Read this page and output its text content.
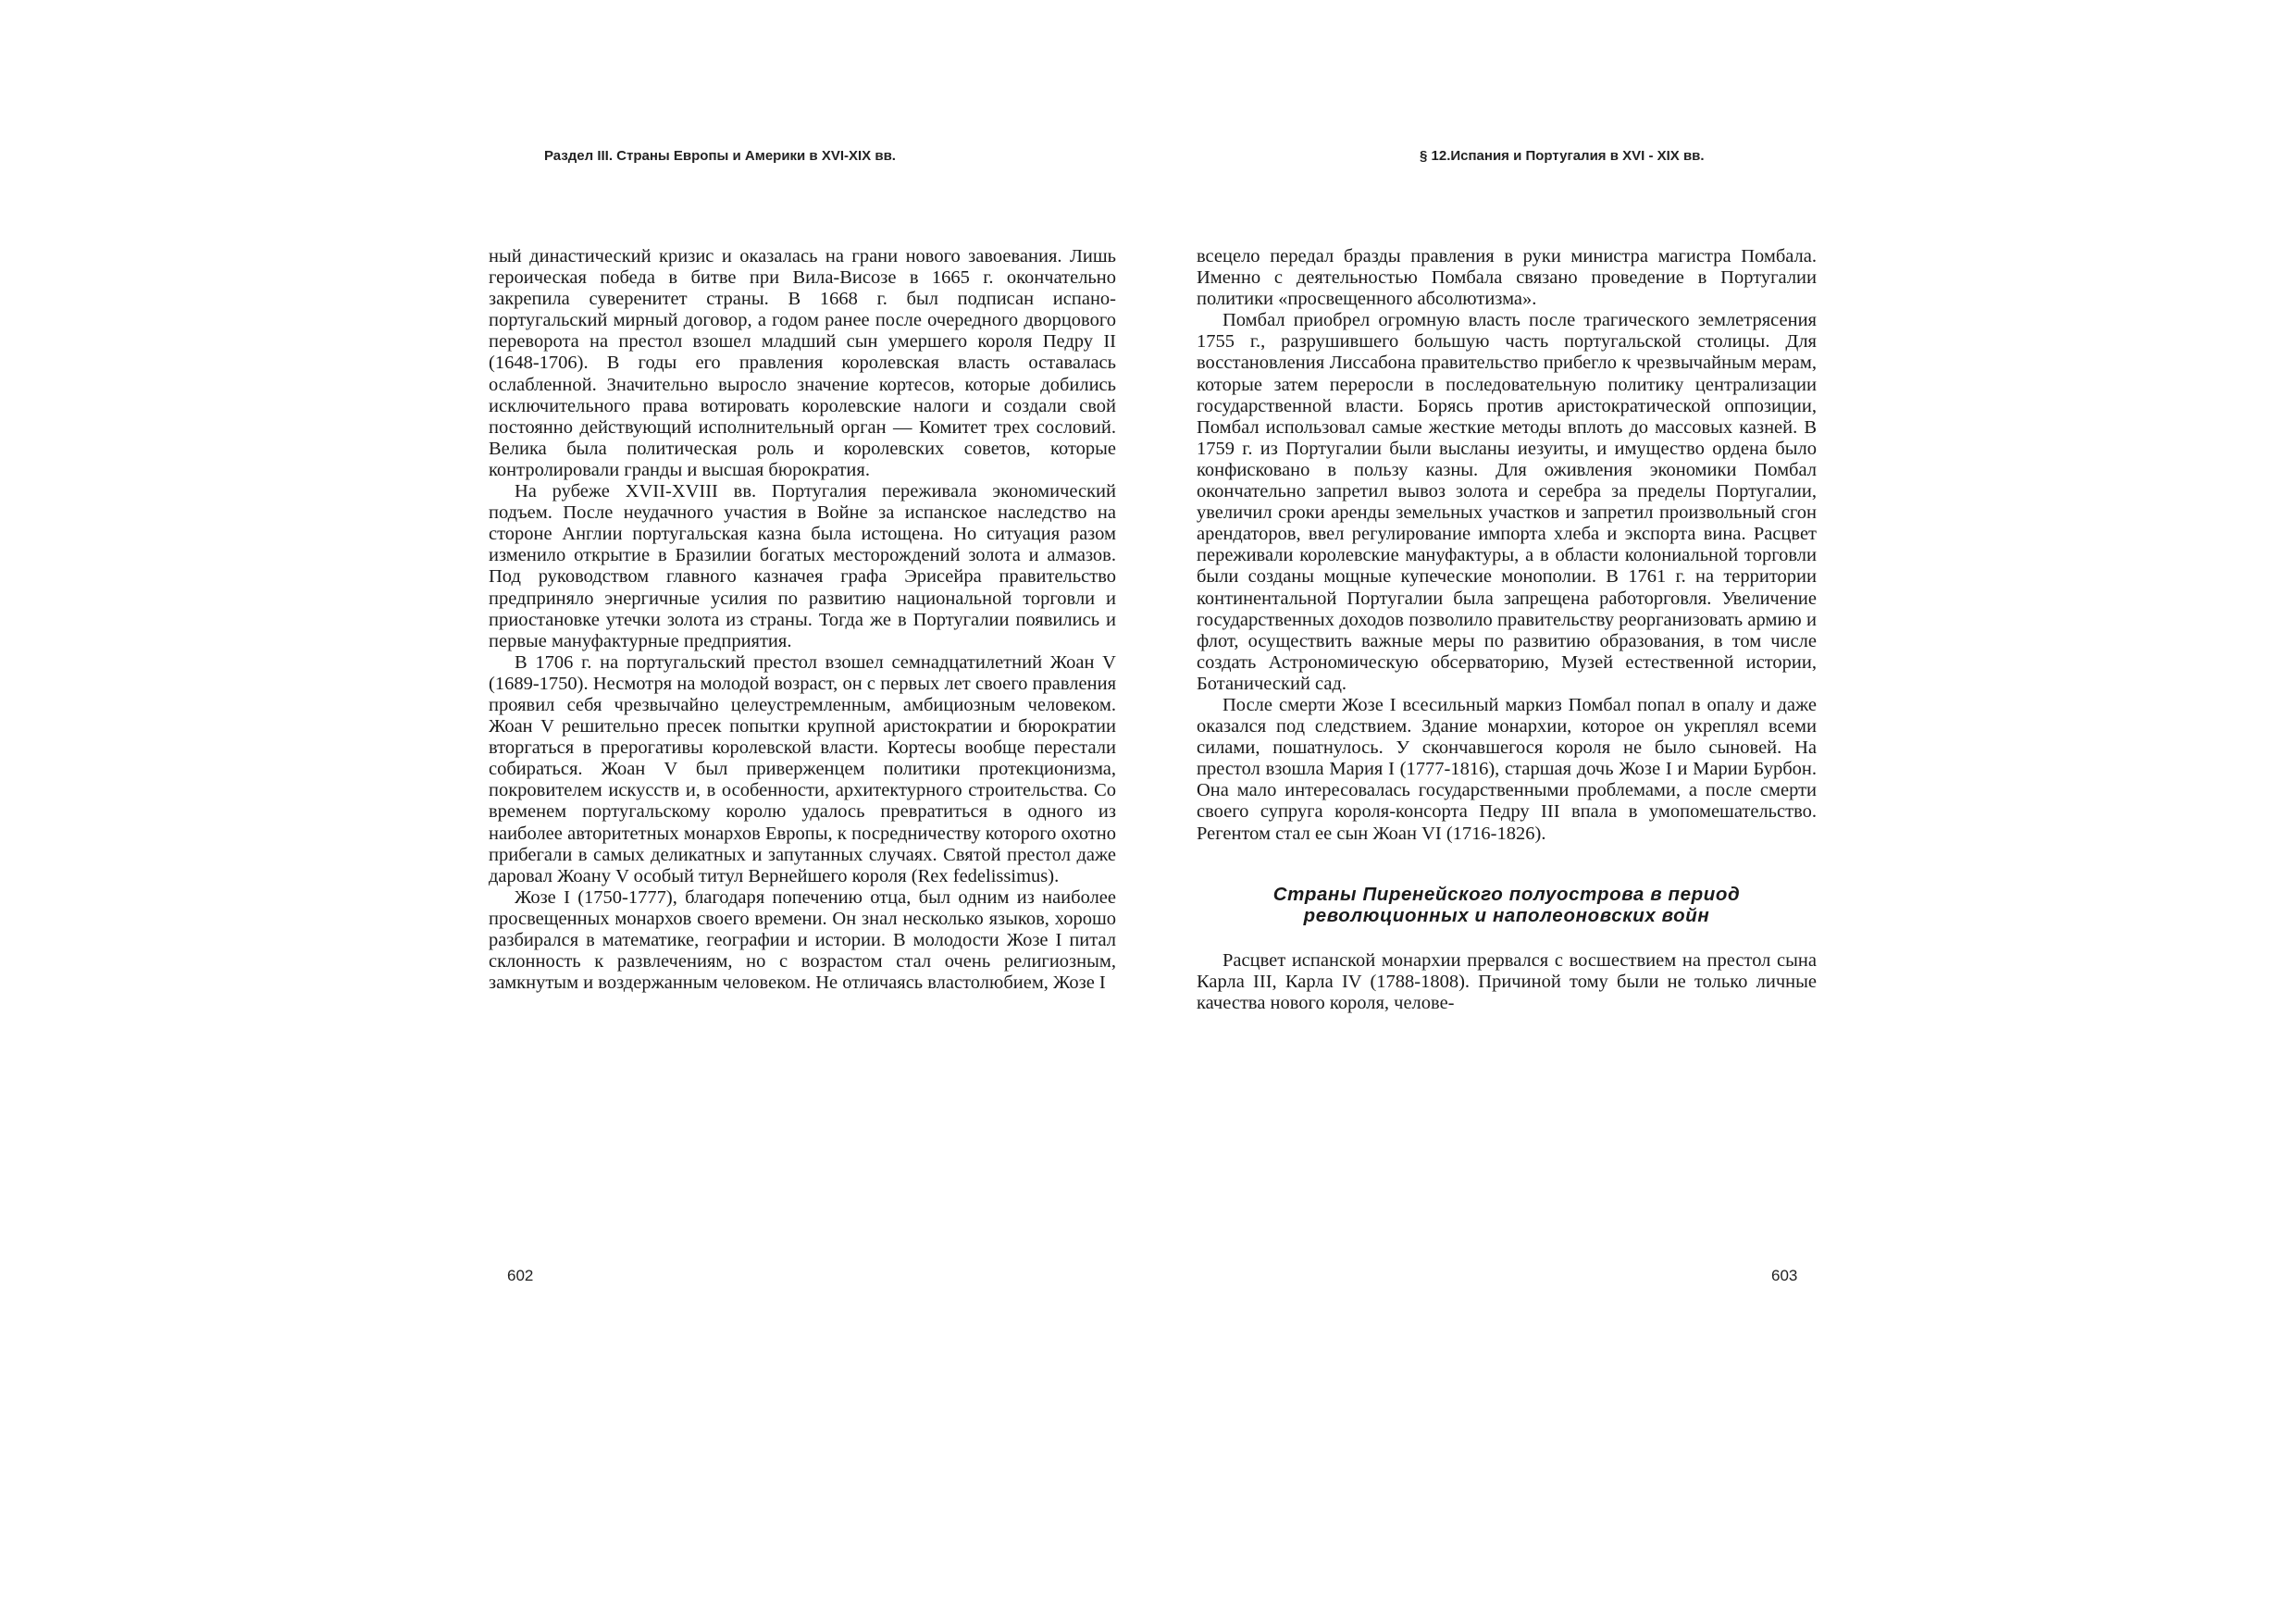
Раздел III. Страны Европы и Америки в XVI-XIX вв.

ный династический кризис и оказалась на грани нового завоевания. Лишь героическая победа в битве при Вила-Висозе в 1665 г. окончательно закрепила суверенитет страны. В 1668 г. был подписан испано-португальский мирный договор, а годом ранее после очередного дворцового переворота на престол взошел младший сын умершего короля Педру II (1648-1706). В годы его правления королевская власть оставалась ослабленной. Значительно выросло значение кортесов, которые добились исключительного права вотировать королевские налоги и создали свой постоянно действующий исполнительный орган — Комитет трех сословий. Велика была политическая роль и королевских советов, которые контролировали гранды и высшая бюрократия.

На рубеже XVII-XVIII вв. Португалия переживала экономический подъем. После неудачного участия в Войне за испанское наследство на стороне Англии португальская казна была истощена. Но ситуация разом изменило открытие в Бразилии богатых месторождений золота и алмазов. Под руководством главного казначея графа Эрисейра правительство предприняло энергичные усилия по развитию национальной торговли и приостановке утечки золота из страны. Тогда же в Португалии появились и первые мануфактурные предприятия.

В 1706 г. на португальский престол взошел семнадцатилетний Жоан V (1689-1750). Несмотря на молодой возраст, он с первых лет своего правления проявил себя чрезвычайно целеустремленным, амбициозным человеком. Жоан V решительно пресек попытки крупной аристократии и бюрократии вторгаться в прерогативы королевской власти. Кортесы вообще перестали собираться. Жоан V был приверженцем политики протекционизма, покровителем искусств и, в особенности, архитектурного строительства. Со временем португальскому королю удалось превратиться в одного из наиболее авторитетных монархов Европы, к посредничеству которого охотно прибегали в самых деликатных и запутанных случаях. Святой престол даже даровал Жоану V особый титул Вернейшего короля (Rex fedelissimus).

Жозе I (1750-1777), благодаря попечению отца, был одним из наиболее просвещенных монархов своего времени. Он знал несколько языков, хорошо разбирался в математике, географии и истории. В молодости Жозе I питал склонность к развлечениям, но с возрастом стал очень религиозным, замкнутым и воздержанным человеком. Не отличаясь властолюбием, Жозе I

602
§ 12.Испания и Португалия в XVI - XIX вв.

всецело передал бразды правления в руки министра магистра Помбала. Именно с деятельностью Помбала связано проведение в Португалии политики «просвещенного абсолютизма».

Помбал приобрел огромную власть после трагического землетрясения 1755 г., разрушившего большую часть португальской столицы. Для восстановления Лиссабона правительство прибегло к чрезвычайным мерам, которые затем переросли в последовательную политику централизации государственной власти. Борясь против аристократической оппозиции, Помбал использовал самые жесткие методы вплоть до массовых казней. В 1759 г. из Португалии были высланы иезуиты, и имущество ордена было конфисковано в пользу казны. Для оживления экономики Помбал окончательно запретил вывоз золота и серебра за пределы Португалии, увеличил сроки аренды земельных участков и запретил произвольный сгон арендаторов, ввел регулирование импорта хлеба и экспорта вина. Расцвет переживали королевские мануфактуры, а в области колониальной торговли были созданы мощные купеческие монополии. В 1761 г. на территории континентальной Португалии была запрещена работорговля. Увеличение государственных доходов позволило правительству реорганизовать армию и флот, осуществить важные меры по развитию образования, в том числе создать Астрономическую обсерваторию, Музей естественной истории, Ботанический сад.

После смерти Жозе I всесильный маркиз Помбал попал в опалу и даже оказался под следствием. Здание монархии, которое он укреплял всеми силами, пошатнулось. У скончавшегося короля не было сыновей. На престол взошла Мария I (1777-1816), старшая дочь Жозе I и Марии Бурбон. Она мало интересовалась государственными проблемами, а после смерти своего супруга короля-консорта Педру III впала в умопомешательство. Регентом стал ее сын Жоан VI (1716-1826).

Страны Пиренейского полуострова в период
революционных и наполеоновских войн

Расцвет испанской монархии прервался с восшествием на престол сына Карла III, Карла IV (1788-1808). Причиной тому были не только личные качества нового короля, челове-

603
